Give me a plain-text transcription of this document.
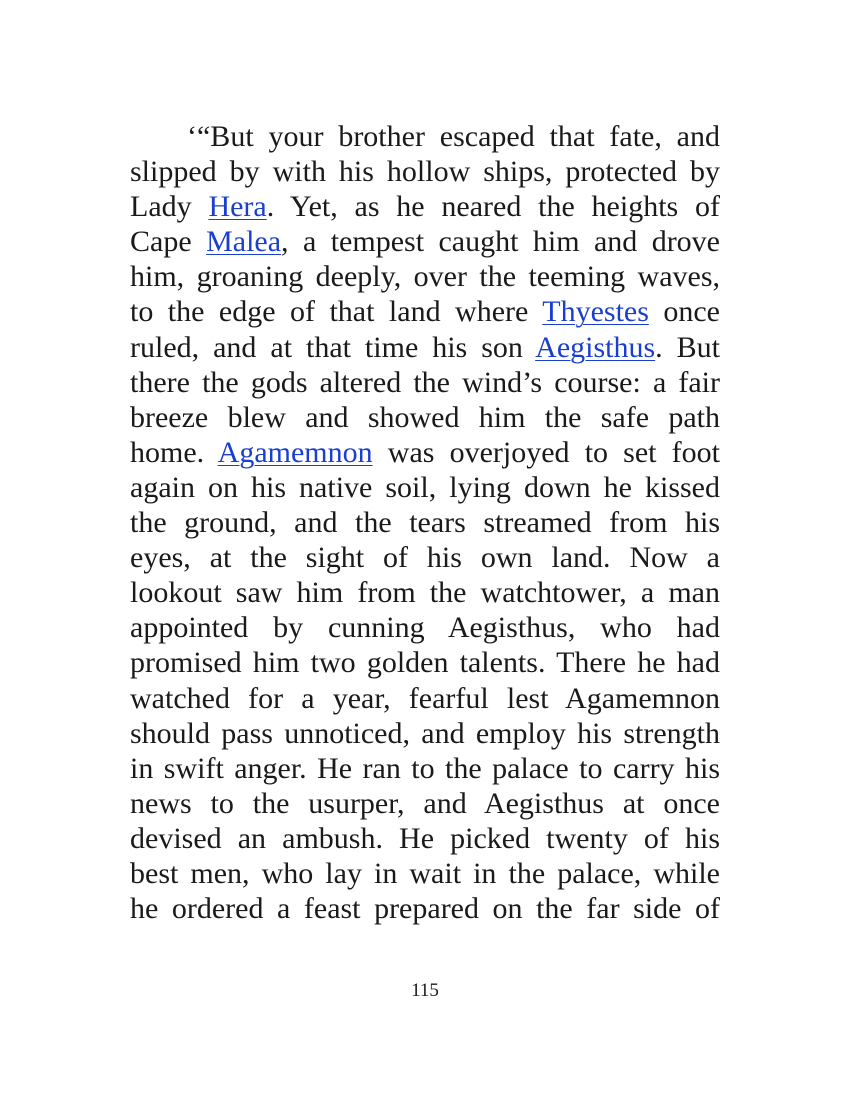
‘“But your brother escaped that fate, and
slipped by with his hollow ships, protected by
Lady Hera. Yet, as he neared the heights of
Cape Malea, a tempest caught him and drove
him, groaning deeply, over the teeming waves,
to the edge of that land where Thyestes once
ruled, and at that time his son Aegisthus. But
there the gods altered the wind’s course: a fair
breeze blew and showed him the safe path
home. Agamemnon was overjoyed to set foot
again on his native soil, lying down he kissed
the ground, and the tears streamed from his
eyes, at the sight of his own land. Now a
lookout saw him from the watchtower, a man
appointed by cunning Aegisthus, who had
promised him two golden talents. There he had
watched for a year, fearful lest Agamemnon
should pass unnoticed, and employ his strength
in swift anger. He ran to the palace to carry his
news to the usurper, and Aegisthus at once
devised an ambush. He picked twenty of his
best men, who lay in wait in the palace, while
he ordered a feast prepared on the far side of
115
